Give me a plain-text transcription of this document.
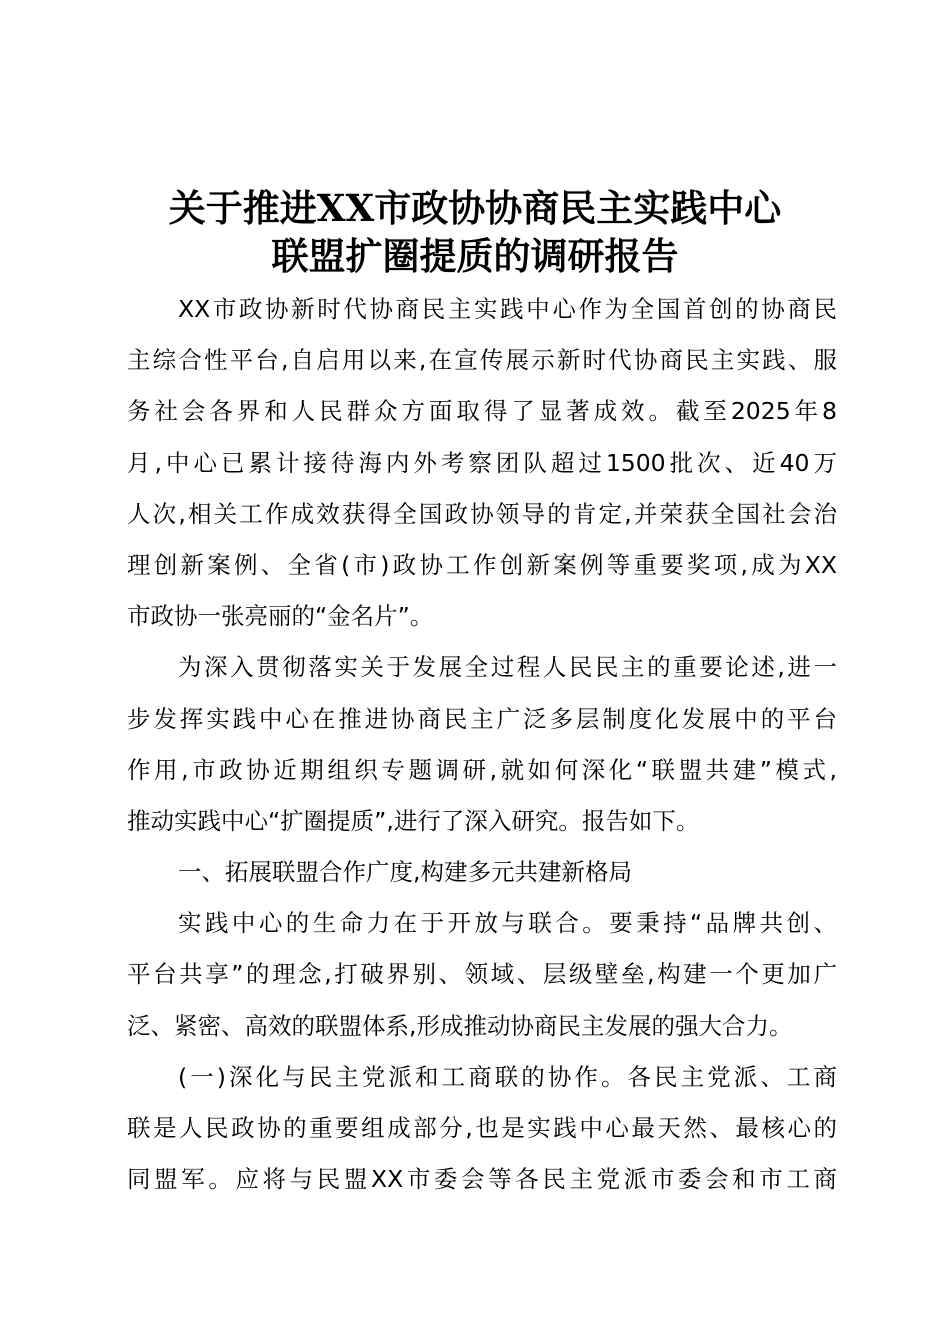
关于推进XX市政协协商民主实践中心
联盟扩圈提质的调研报告
XX市政协新时代协商民主实践中心作为全国首创的协商民
主综合性平台,自启用以来,在宣传展示新时代协商民主实践、服
务社会各界和人民群众方面取得了显著成效。截至2025年8
月,中心已累计接待海内外考察团队超过1500批次、近40万
人次,相关工作成效获得全国政协领导的肯定,并荣获全国社会治
理创新案例、全省(市)政协工作创新案例等重要奖项,成为XX
市政协一张亮丽的“金名片”。
为深入贯彻落实关于发展全过程人民民主的重要论述,进一
步发挥实践中心在推进协商民主广泛多层制度化发展中的平台
作用,市政协近期组织专题调研,就如何深化“联盟共建”模式,
推动实践中心“扩圈提质”,进行了深入研究。报告如下。
一、拓展联盟合作广度,构建多元共建新格局
实践中心的生命力在于开放与联合。要秉持“品牌共创、
平台共享”的理念,打破界别、领域、层级壁垒,构建一个更加广
泛、紧密、高效的联盟体系,形成推动协商民主发展的强大合力。
(一)深化与民主党派和工商联的协作。各民主党派、工商
联是人民政协的重要组成部分,也是实践中心最天然、最核心的
同盟军。应将与民盟XX市委会等各民主党派市委会和市工商
